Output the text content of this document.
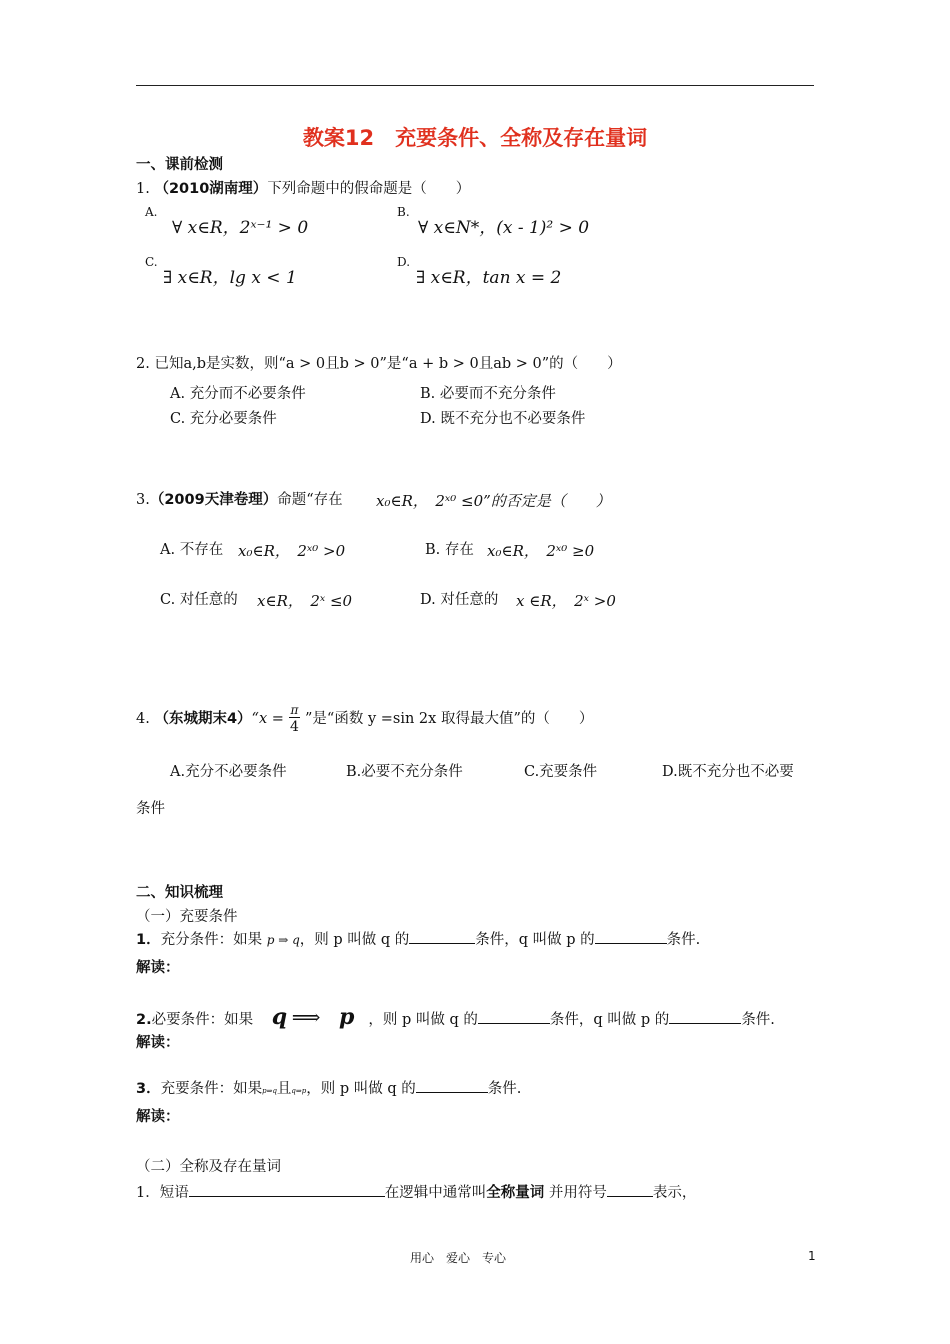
教案12　充要条件、全称及存在量词
一、课前检测
1. （2010湖南理）下列命题中的假命题是（　　）
A.
∀ x∈R，2ˣ⁻¹ > 0
B.
∀ x∈N*，(x - 1)² > 0
C.
∃ x∈R，lg x < 1
D.
∃ x∈R，tan x = 2
2. 已知a,b是实数，则“a > 0且b > 0”是“a + b > 0且ab > 0”的（　　）
A. 充分而不必要条件	B. 必要而不充分条件
C. 充分必要条件	D. 既不充分也不必要条件
3.（2009天津卷理）命题“存在 x₀∈R，　2ˣ⁰ ≤0”的否定是（　　）
A. 不存在 x₀∈R，　2ˣ⁰ >0	B. 存在 x₀∈R，　2ˣ⁰ ≥0
C. 对任意的 x∈R，　2ˣ ≤0	D. 对任意的 x ∈R，　2ˣ >0
4. （东城期末4）“x = $\frac{\pi}{4}$ ”是“函数 y =sin 2x 取得最大值”的（　　）
A.充分不必要条件	B.必要不充分条件	C.充要条件	D.既不充分也不必要
条件
二、知识梳理
（一）充要条件
1．充分条件：如果 p ⇒ q，则 p 叫做 q 的	条件，q 叫做 p 的	条件.
解读：
2.必要条件：如果 q ⟹ p ，则 p 叫做 q 的	条件，q 叫做 p 的	条件.
解读：
3．充要条件：如果p⇒q且q⇒p，则 p 叫做 q 的	条件.
解读：
（二）全称及存在量词
1．短语	在逻辑中通常叫全称量词 并用符号	表示，
用心　爱心　专心	1
